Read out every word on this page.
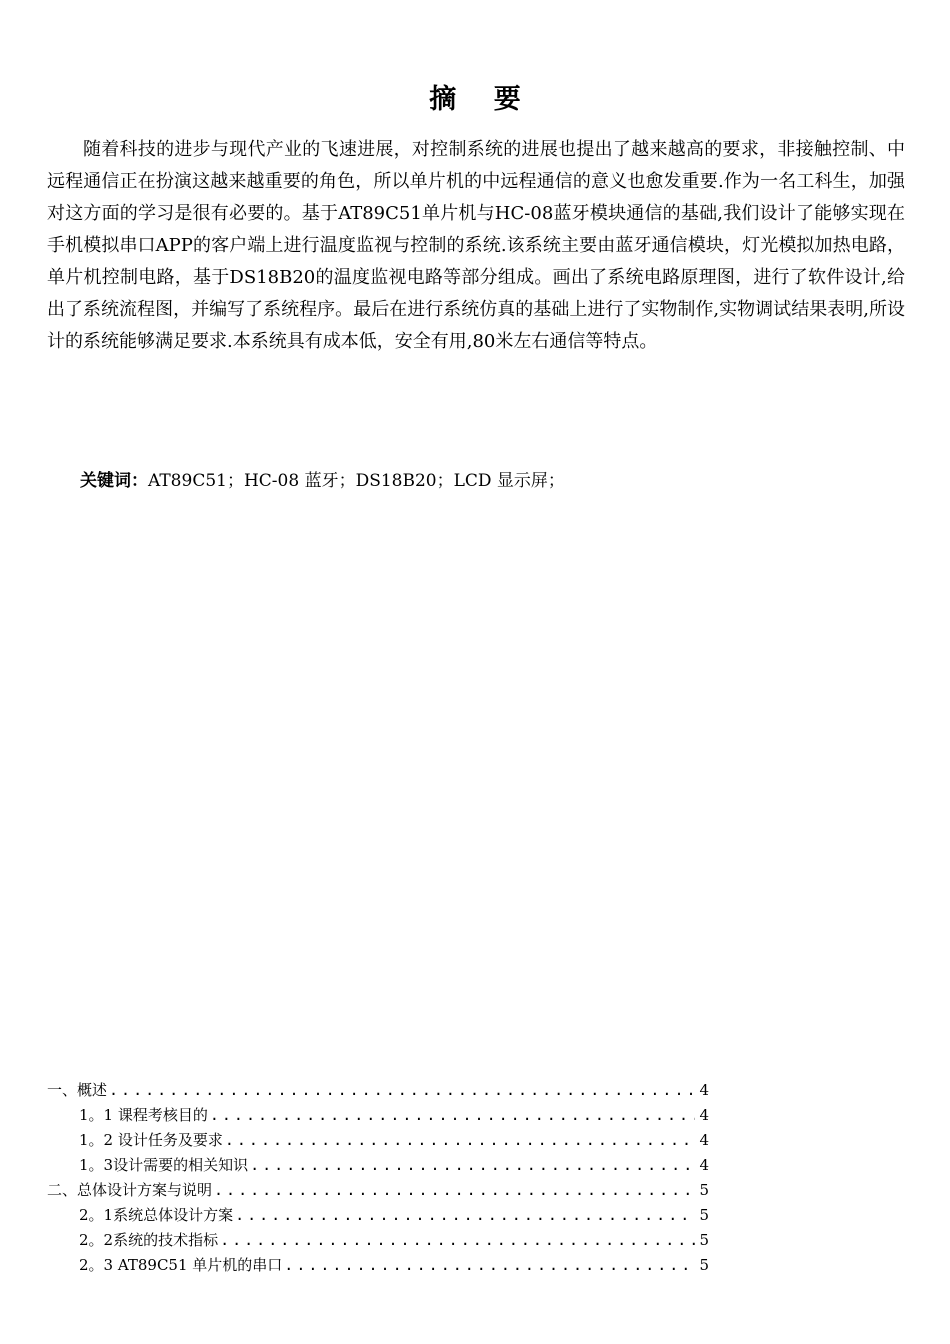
摘 要

随着科技的进步与现代产业的飞速进展，对控制系统的进展也提出了越来越高的要求，非接触控制、中远程通信正在扮演这越来越重要的角色，所以单片机的中远程通信的意义也愈发重要.作为一名工科生，加强对这方面的学习是很有必要的。基于AT89C51单片机与HC-08蓝牙模块通信的基础,我们设计了能够实现在手机模拟串口APP的客户端上进行温度监视与控制的系统.该系统主要由蓝牙通信模块，灯光模拟加热电路，单片机控制电路，基于DS18B20的温度监视电路等部分组成。画出了系统电路原理图，进行了软件设计,给出了系统流程图，并编写了系统程序。最后在进行系统仿真的基础上进行了实物制作,实物调试结果表明,所设计的系统能够满足要求.本系统具有成本低，安全有用,80米左右通信等特点。

关键词：AT89C51；HC-08 蓝牙；DS18B20；LCD 显示屏；
一、概述 .....	4
1。1 课程考核目的 .....	4
1。2 设计任务及要求 .....	4
1。3设计需要的相关知识 .....	4
二、总体设计方案与说明 .....	5
2。1系统总体设计方案 .....	5
2。2系统的技术指标 .....	5
2。3 AT89C51 单片机的串口 .....	5
